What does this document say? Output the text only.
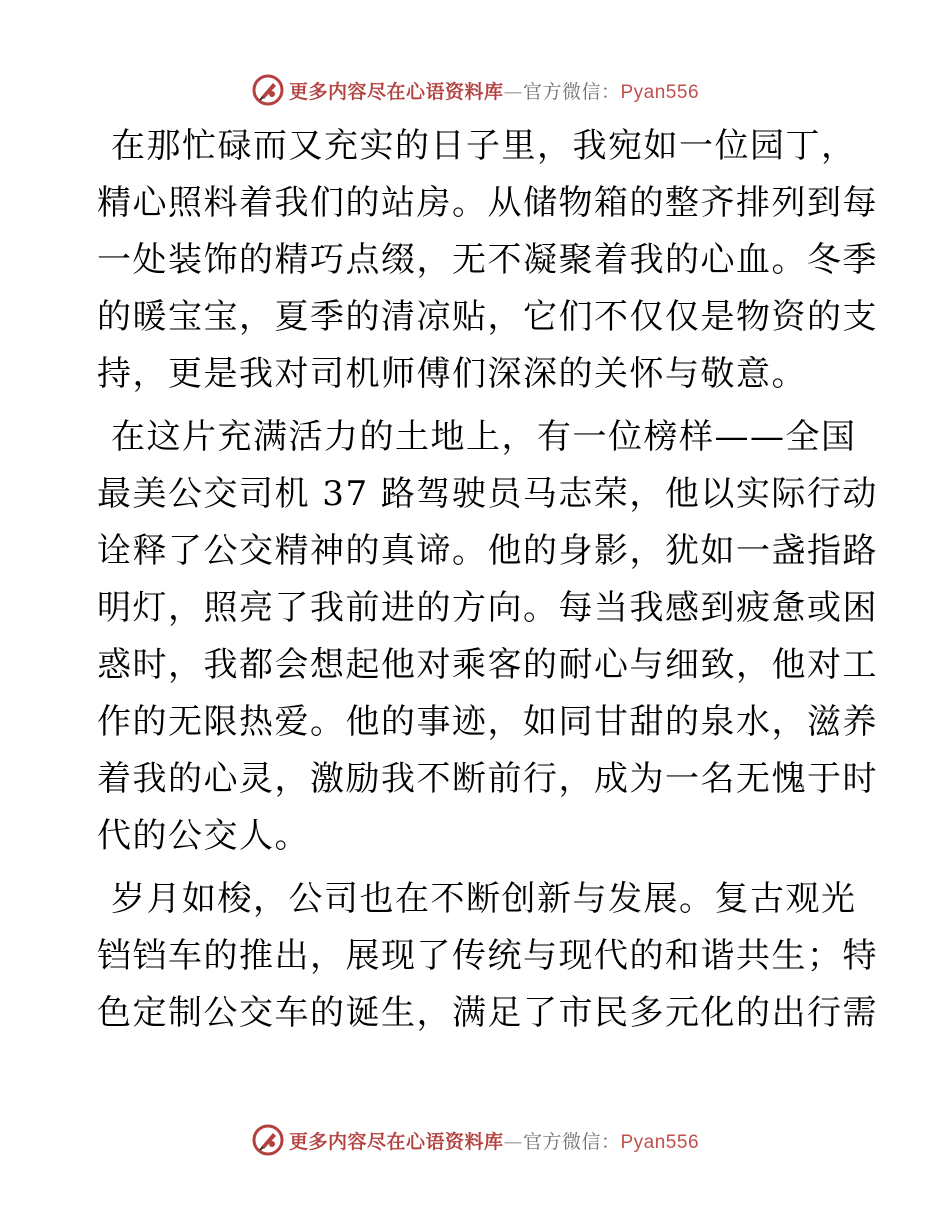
更多内容尽在心语资料库—官方微信：Pyan556

在那忙碌而又充实的日子里，我宛如一位园丁，
精心照料着我们的站房。从储物箱的整齐排列到每
一处装饰的精巧点缀，无不凝聚着我的心血。冬季
的暖宝宝，夏季的清凉贴，它们不仅仅是物资的支
持，更是我对司机师傅们深深的关怀与敬意。

在这片充满活力的土地上，有一位榜样——全国
最美公交司机 37 路驾驶员马志荣，他以实际行动
诠释了公交精神的真谛。他的身影，犹如一盏指路
明灯，照亮了我前进的方向。每当我感到疲惫或困
惑时，我都会想起他对乘客的耐心与细致，他对工
作的无限热爱。他的事迹，如同甘甜的泉水，滋养
着我的心灵，激励我不断前行，成为一名无愧于时
代的公交人。

岁月如梭，公司也在不断创新与发展。复古观光
铛铛车的推出，展现了传统与现代的和谐共生；特
色定制公交车的诞生，满足了市民多元化的出行需

更多内容尽在心语资料库—官方微信：Pyan556
